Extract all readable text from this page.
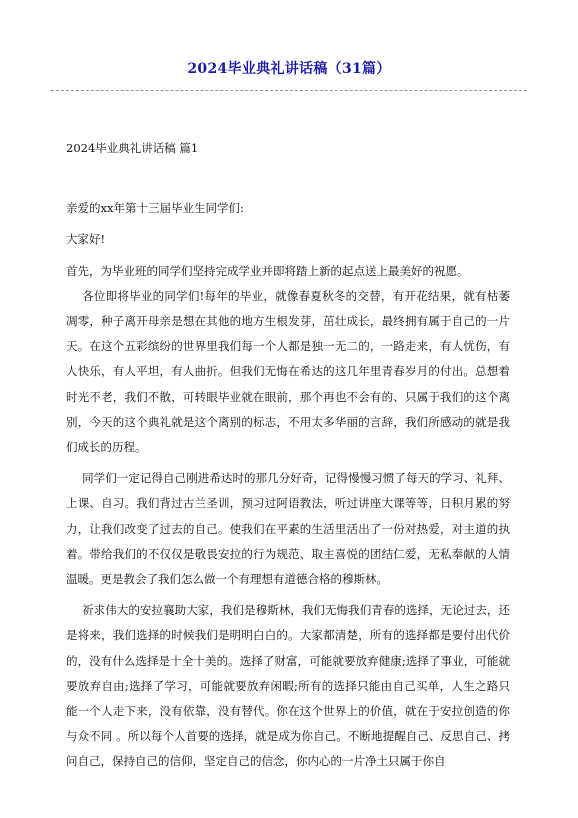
2024毕业典礼讲话稿（31篇）

2024毕业典礼讲话稿 篇1

亲爱的xx年第十三届毕业生同学们:

大家好!

首先，为毕业班的同学们坚持完成学业并即将踏上新的起点送上最美好的祝愿。

各位即将毕业的同学们!每年的毕业，就像春夏秋冬的交替，有开花结果，就有枯萎凋零，种子离开母亲是想在其他的地方生根发芽，茁壮成长，最终拥有属于自己的一片天。在这个五彩缤纷的世界里我们每一个人都是独一无二的，一路走来，有人忧伤，有人快乐，有人平坦，有人曲折。但我们无悔在希达的这几年里青春岁月的付出。总想着时光不老，我们不散，可转眼毕业就在眼前，那个再也不会有的、只属于我们的这个离别，今天的这个典礼就是这个离别的标志，不用太多华丽的言辞，我们所感动的就是我们成长的历程。

同学们一定记得自己刚进希达时的那几分好奇，记得慢慢习惯了每天的学习、礼拜、上课、自习。我们背过古兰圣训，预习过阿语教法，听过讲座大课等等，日积月累的努力，让我们改变了过去的自己。使我们在平素的生活里活出了一份对热爱，对主道的执着。带给我们的不仅仅是敬畏安拉的行为规范、取主喜悦的团结仁爱，无私奉献的人情温暖。更是教会了我们怎么做一个有理想有道德合格的穆斯林。

祈求伟大的安拉襄助大家，我们是穆斯林，我们无悔我们青春的选择，无论过去，还是将来，我们选择的时候我们是明明白白的。大家都清楚，所有的选择都是要付出代价的，没有什么选择是十全十美的。选择了财富，可能就要放弃健康;选择了事业，可能就要放弃自由;选择了学习，可能就要放弃闲暇;所有的选择只能由自己买单，人生之路只能一个人走下来，没有依靠，没有替代。你在这个世界上的价值，就在于安拉创造的你与众不同 。所以每个人首要的选择，就是成为你自己。不断地提醒自己、反思自己、拷问自己，保持自己的信仰，坚定自己的信念，你内心的一片净土只属于你自
